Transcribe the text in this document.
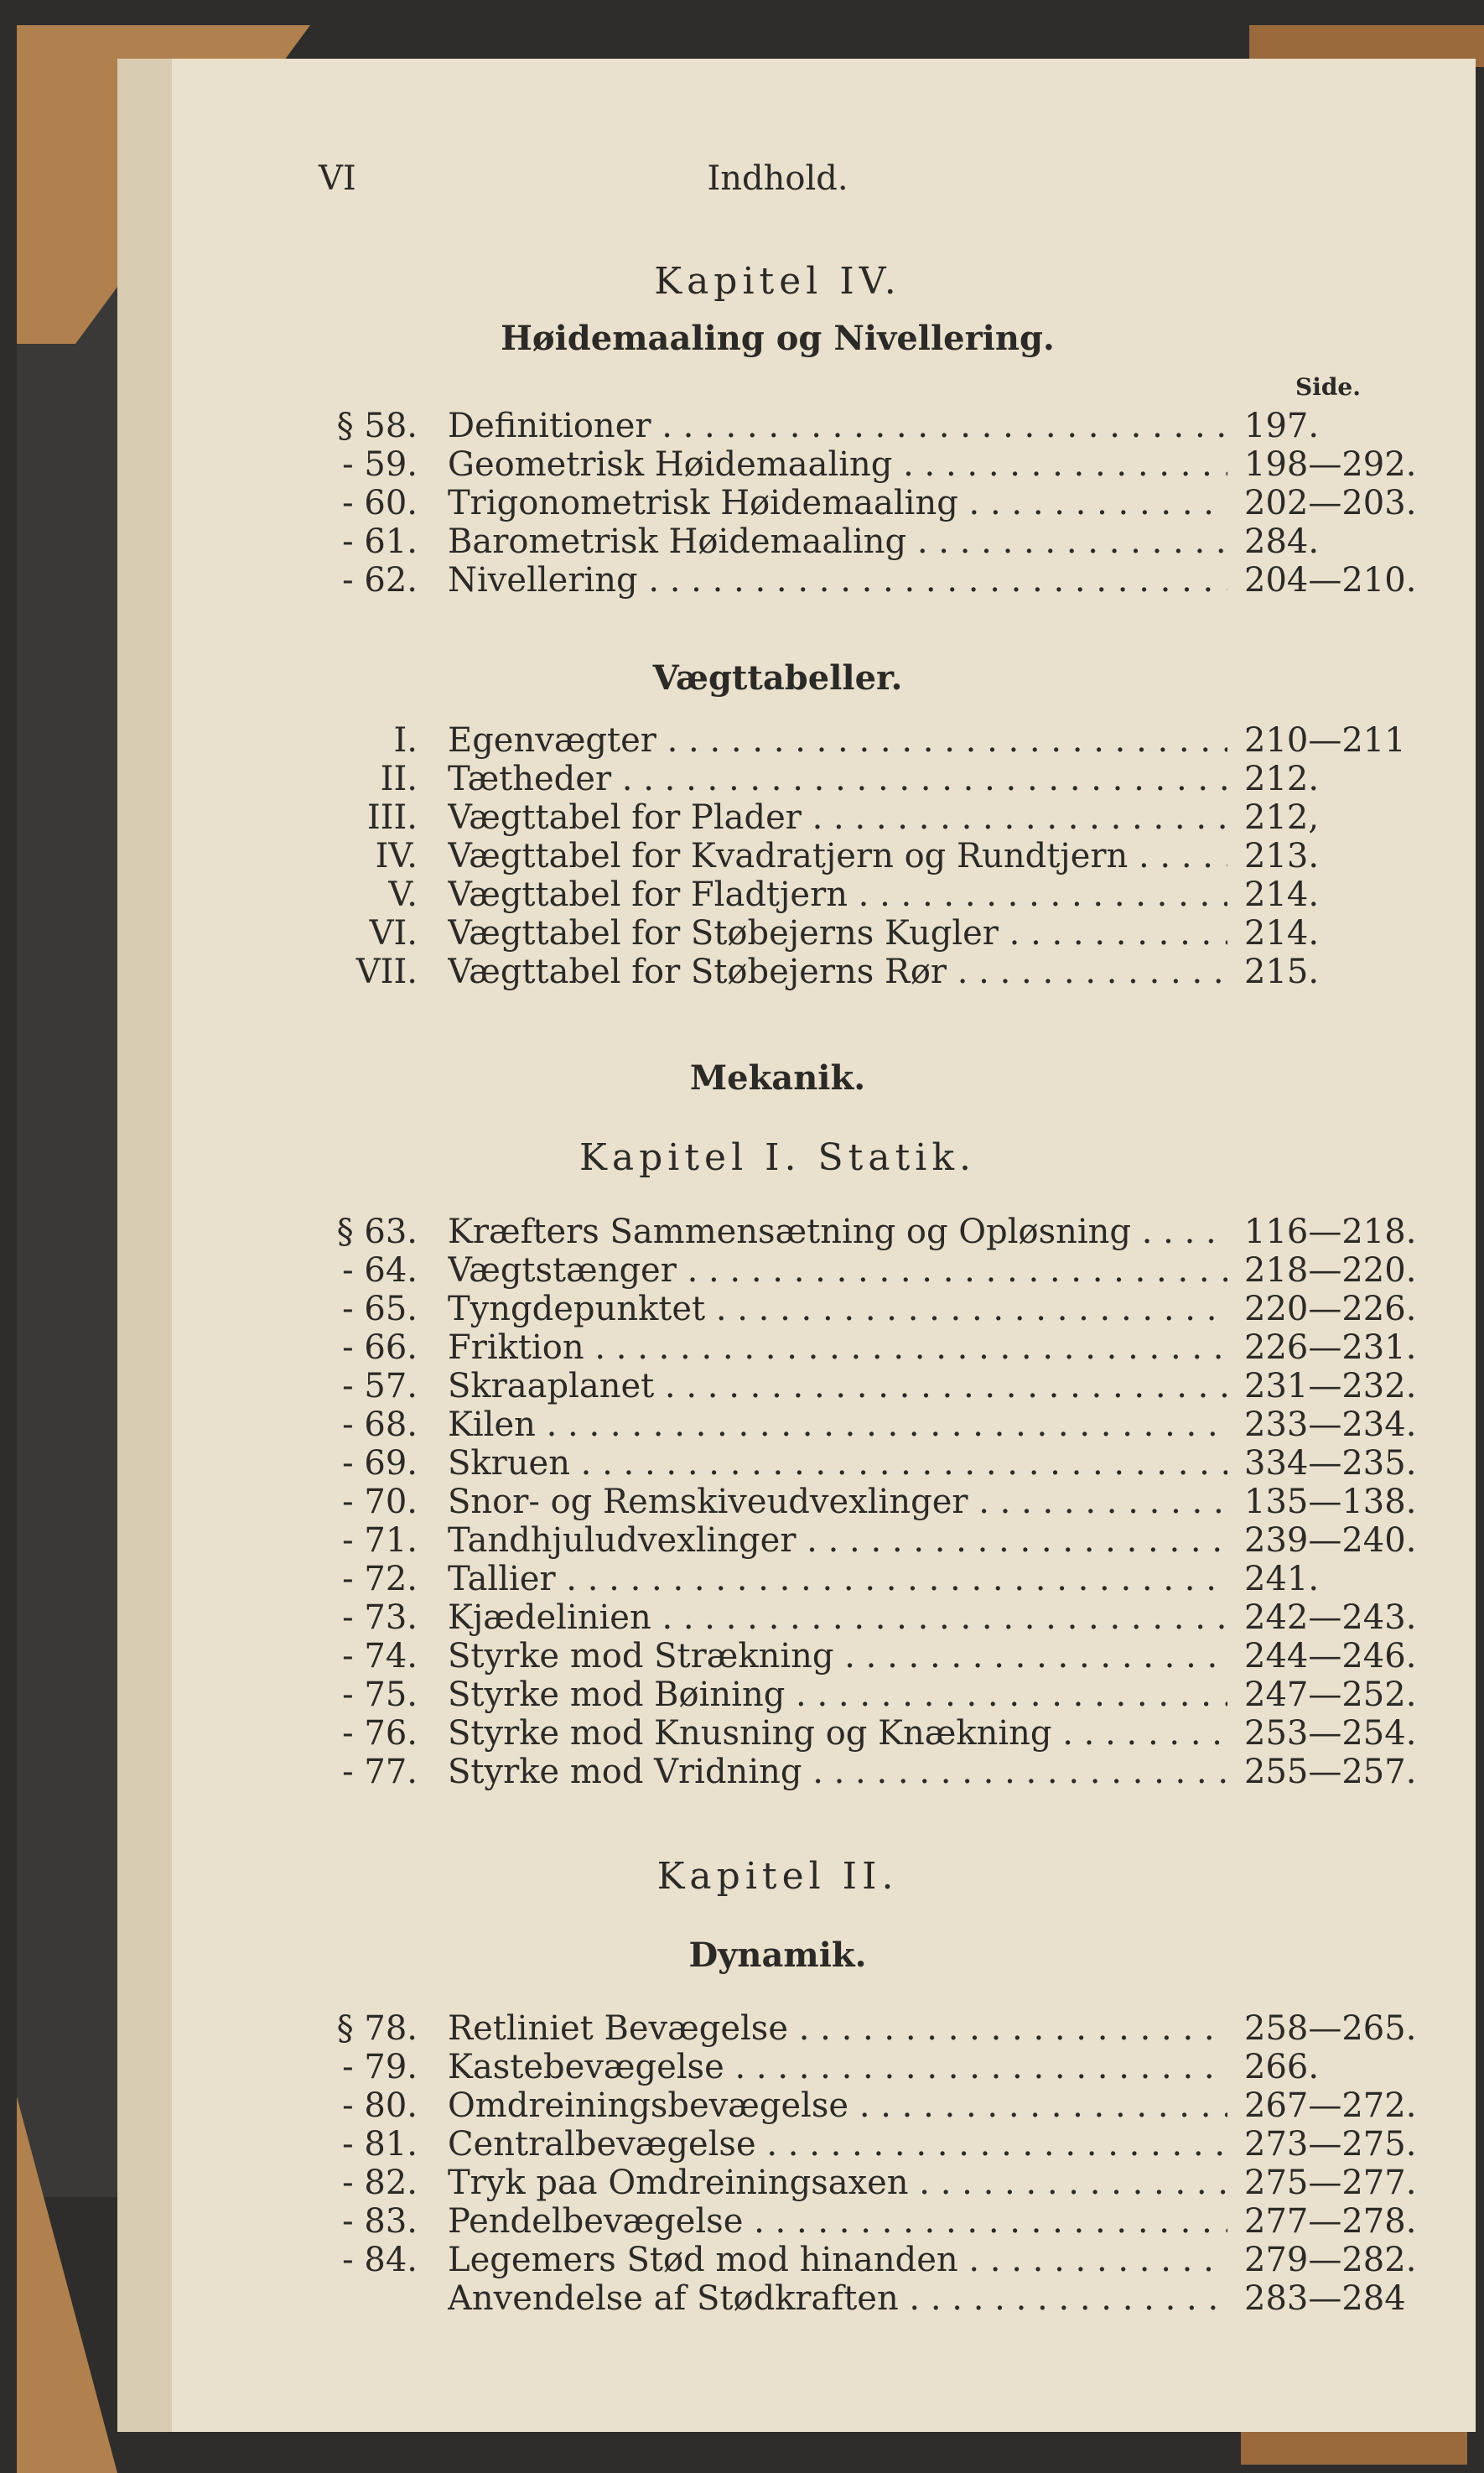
VI	Indhold.
Kapitel IV.
Høidemaaling og Nivellering.
Side.
§ 58. Definitioner . . .	197.
- 59. Geometrisk Høidemaaling . . .	198—292.
- 60. Trigonometrisk Høidemaaling . . .	202—203.
- 61. Barometrisk Høidemaaling . . .	284.
- 62. Nivellering . . .	204—210.
Vægttabeller.
I. Egenvægter . . .	210—211
II. Tætheder . . .	212.
III. Vægttabel for Plader . . .	212,
IV. Vægttabel for Kvadratjern og Rundtjern . . .	213.
V. Vægttabel for Fladtjern . . .	214.
VI. Vægttabel for Støbejerns Kugler . . .	214.
VII. Vægttabel for Støbejerns Rør . . .	215.
Mekanik.
Kapitel I. Statik.
§ 63. Kræfters Sammensætning og Opløsning . . .	116—218.
- 64. Vægtstænger . . .	218—220.
- 65. Tyngdepunktet . . .	220—226.
- 66. Friktion . . .	226—231.
- 57. Skraaplanet . . .	231—232.
- 68. Kilen . . .	233—234.
- 69. Skruen . . .	334—235.
- 70. Snor- og Remskiveudvexlinger . . .	135—138.
- 71. Tandhjuludvexlinger . . .	239—240.
- 72. Tallier . . .	241.
- 73. Kjædelinien . . .	242—243.
- 74. Styrke mod Strækning . . .	244—246.
- 75. Styrke mod Bøining . . .	247—252.
- 76. Styrke mod Knusning og Knækning . . .	253—254.
- 77. Styrke mod Vridning . . .	255—257.
Kapitel II.
Dynamik.
§ 78. Retliniet Bevægelse . . .	258—265.
- 79. Kastebevægelse . . .	266.
- 80. Omdreiningsbevægelse . . .	267—272.
- 81. Centralbevægelse . . .	273—275.
- 82. Tryk paa Omdreiningsaxen . . .	275—277.
- 83. Pendelbevægelse . . .	277—278.
- 84. Legemers Stød mod hinanden . . .	279—282.
Anvendelse af Stødkraften . . .	283—284
